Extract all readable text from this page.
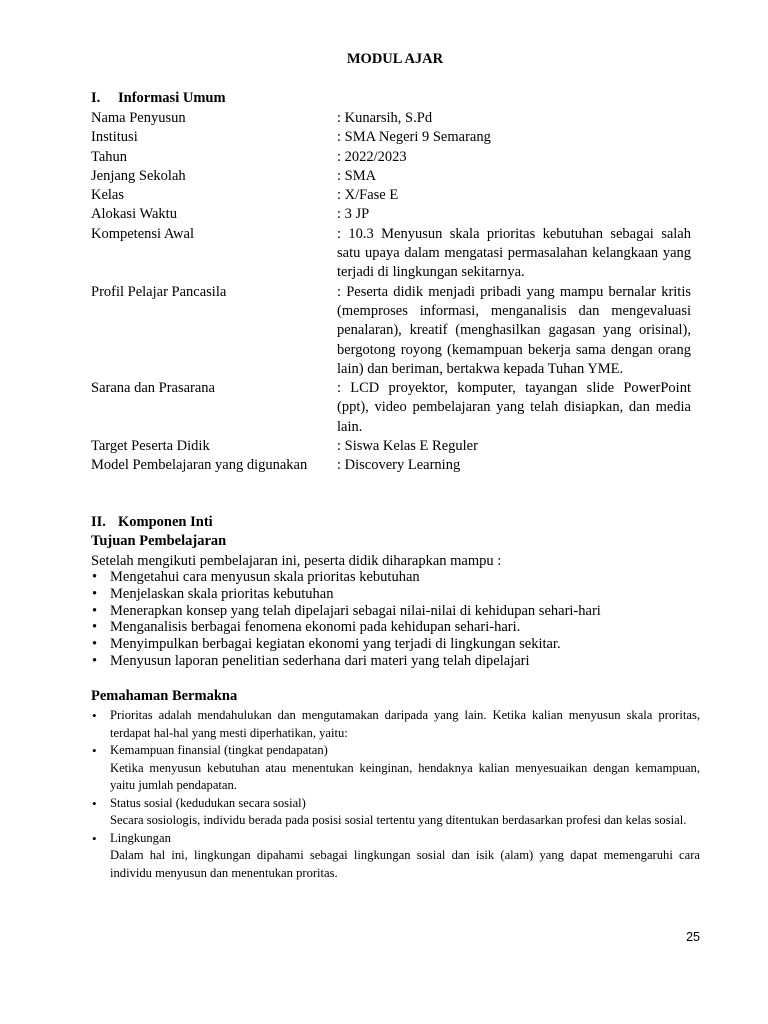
MODUL AJAR
I. Informasi Umum
Nama Penyusun	: Kunarsih, S.Pd
Institusi	: SMA Negeri 9 Semarang
Tahun	: 2022/2023
Jenjang Sekolah	: SMA
Kelas	: X/Fase E
Alokasi Waktu	: 3 JP
Kompetensi Awal	: 10.3 Menyusun skala prioritas kebutuhan sebagai salah satu upaya dalam mengatasi permasalahan kelangkaan yang terjadi di lingkungan sekitarnya.
Profil Pelajar Pancasila	: Peserta didik menjadi pribadi yang mampu bernalar kritis (memproses informasi, menganalisis dan mengevaluasi penalaran), kreatif (menghasilkan gagasan yang orisinal), bergotong royong (kemampuan bekerja sama dengan orang lain) dan beriman, bertakwa kepada Tuhan YME.
Sarana dan Prasarana	: LCD proyektor, komputer, tayangan slide PowerPoint (ppt), video pembelajaran yang telah disiapkan, dan media lain.
Target Peserta Didik	: Siswa Kelas E Reguler
Model Pembelajaran yang digunakan	: Discovery Learning
II. Komponen Inti
Tujuan Pembelajaran
Setelah mengikuti pembelajaran ini, peserta didik diharapkan mampu :
• Mengetahui cara menyusun skala prioritas kebutuhan
• Menjelaskan skala prioritas kebutuhan
• Menerapkan konsep yang telah dipelajari sebagai nilai-nilai di kehidupan sehari-hari
• Menganalisis berbagai fenomena ekonomi pada kehidupan sehari-hari.
• Menyimpulkan berbagai kegiatan ekonomi yang terjadi di lingkungan sekitar.
• Menyusun laporan penelitian sederhana dari materi yang telah dipelajari
Pemahaman Bermakna
• Prioritas adalah mendahulukan dan mengutamakan daripada yang lain. Ketika kalian menyusun skala proritas, terdapat hal-hal yang mesti diperhatikan, yaitu:
• Kemampuan finansial (tingkat pendapatan)
Ketika menyusun kebutuhan atau menentukan keinginan, hendaknya kalian menyesuaikan dengan kemampuan, yaitu jumlah pendapatan.
• Status sosial (kedudukan secara sosial)
Secara sosiologis, individu berada pada posisi sosial tertentu yang ditentukan berdasarkan profesi dan kelas sosial.
• Lingkungan
Dalam hal ini, lingkungan dipahami sebagai lingkungan sosial dan isik (alam) yang dapat memengaruhi cara individu menyusun dan menentukan proritas.
25
